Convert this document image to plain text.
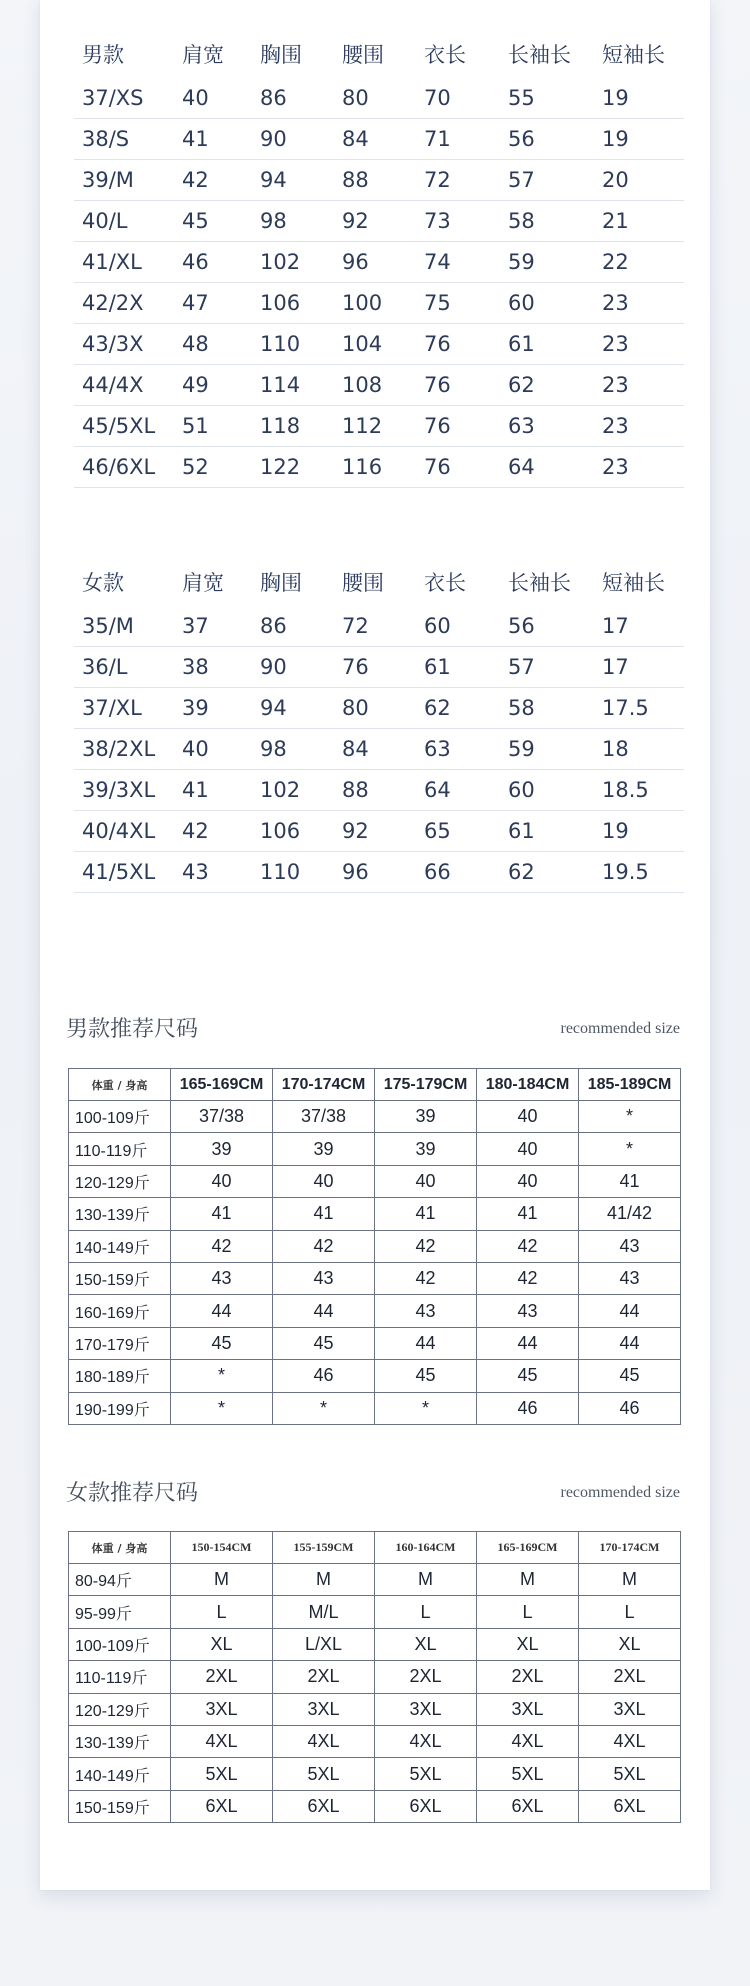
男款	肩宽	胸围	腰围	衣长	长袖长	短袖长
37/XS	40	86	80	70	55	19
38/S	41	90	84	71	56	19
39/M	42	94	88	72	57	20
40/L	45	98	92	73	58	21
41/XL	46	102	96	74	59	22
42/2X	47	106	100	75	60	23
43/3X	48	110	104	76	61	23
44/4X	49	114	108	76	62	23
45/5XL	51	118	112	76	63	23
46/6XL	52	122	116	76	64	23
女款	肩宽	胸围	腰围	衣长	长袖长	短袖长
35/M	37	86	72	60	56	17
36/L	38	90	76	61	57	17
37/XL	39	94	80	62	58	17.5
38/2XL	40	98	84	63	59	18
39/3XL	41	102	88	64	60	18.5
40/4XL	42	106	92	65	61	19
41/5XL	43	110	96	66	62	19.5
男款推荐尺码	recommended size
体重 / 身高	165-169CM	170-174CM	175-179CM	180-184CM	185-189CM
100-109斤	37/38	37/38	39	40	*
110-119斤	39	39	39	40	*
120-129斤	40	40	40	40	41
130-139斤	41	41	41	41	41/42
140-149斤	42	42	42	42	43
150-159斤	43	43	42	42	43
160-169斤	44	44	43	43	44
170-179斤	45	45	44	44	44
180-189斤	*	46	45	45	45
190-199斤	*	*	*	46	46
女款推荐尺码	recommended size
体重 / 身高	150-154CM	155-159CM	160-164CM	165-169CM	170-174CM
80-94斤	M	M	M	M	M
95-99斤	L	M/L	L	L	L
100-109斤	XL	L/XL	XL	XL	XL
110-119斤	2XL	2XL	2XL	2XL	2XL
120-129斤	3XL	3XL	3XL	3XL	3XL
130-139斤	4XL	4XL	4XL	4XL	4XL
140-149斤	5XL	5XL	5XL	5XL	5XL
150-159斤	6XL	6XL	6XL	6XL	6XL
